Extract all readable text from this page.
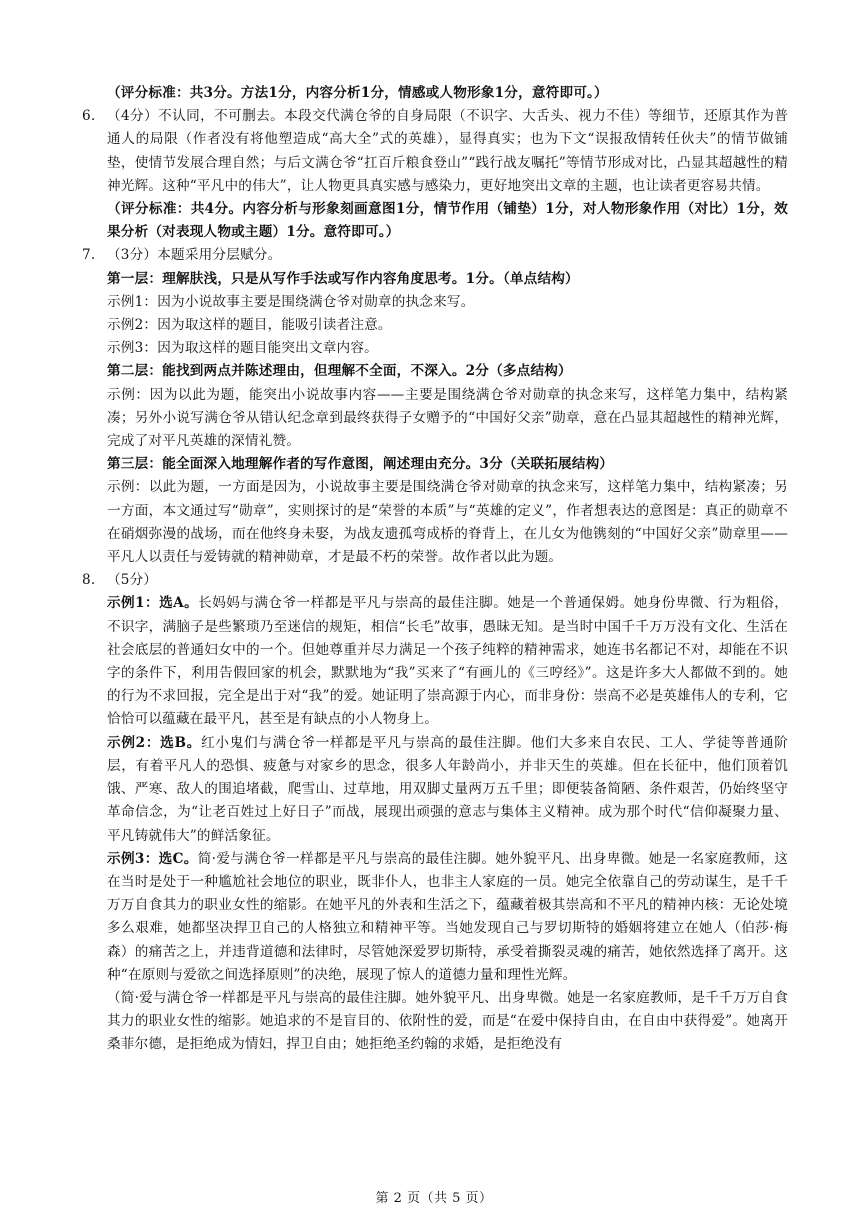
（评分标准：共3分。方法1分，内容分析1分，情感或人物形象1分，意符即可。）

6. （4分）不认同，不可删去。本段交代满仓爷的自身局限（不识字、大舌头、视力不佳）等细节，还原其作为普通人的局限（作者没有将他塑造成“高大全”式的英雄），显得真实；也为下文“误报敌情转任伙夫”的情节做铺垫，使情节发展合理自然；与后文满仓爷“扛百斤粮食登山”“践行战友嘱托”等情节形成对比，凸显其超越性的精神光辉。这种“平凡中的伟大”，让人物更具真实感与感染力，更好地突出文章的主题，也让读者更容易共情。

（评分标准：共4分。内容分析与形象刻画意图1分，情节作用（铺垫）1分，对人物形象作用（对比）1分，效果分析（对表现人物或主题）1分。意符即可。）

7. （3分）本题采用分层赋分。

第一层：理解肤浅，只是从写作手法或写作内容角度思考。1分。（单点结构）

示例1：因为小说故事主要是围绕满仓爷对勋章的执念来写。

示例2：因为取这样的题目，能吸引读者注意。

示例3：因为取这样的题目能突出文章内容。

第二层：能找到两点并陈述理由，但理解不全面，不深入。2分（多点结构）

示例：因为以此为题，能突出小说故事内容——主要是围绕满仓爷对勋章的执念来写，这样笔力集中，结构紧凑；另外小说写满仓爷从错认纪念章到最终获得子女赠予的“中国好父亲”勋章，意在凸显其超越性的精神光辉，完成了对平凡英雄的深情礼赞。

第三层：能全面深入地理解作者的写作意图，阐述理由充分。3分（关联拓展结构）

示例：以此为题，一方面是因为，小说故事主要是围绕满仓爷对勋章的执念来写，这样笔力集中，结构紧凑；另一方面，本文通过写“勋章”，实则探讨的是“荣誉的本质”与“英雄的定义”，作者想表达的意图是：真正的勋章不在硝烟弥漫的战场，而在他终身未娶，为战友遗孤弯成桥的脊背上，在儿女为他镌刻的“中国好父亲”勋章里——平凡人以责任与爱铸就的精神勋章，才是最不朽的荣誉。故作者以此为题。

8. （5分）

示例1：选A。长妈妈与满仓爷一样都是平凡与崇高的最佳注脚。她是一个普通保姆。她身份卑微、行为粗俗，不识字，满脑子是些繁琐乃至迷信的规矩，相信“长毛”故事，愚昧无知。是当时中国千千万万没有文化、生活在社会底层的普通妇女中的一个。但她尊重并尽力满足一个孩子纯粹的精神需求，她连书名都记不对，却能在不识字的条件下，利用告假回家的机会，默默地为“我”买来了“有画儿的《三哼经》”。这是许多大人都做不到的。她的行为不求回报，完全是出于对“我”的爱。她证明了崇高源于内心，而非身份：崇高不必是英雄伟人的专利，它恰恰可以蕴藏在最平凡，甚至是有缺点的小人物身上。

示例2：选B。红小鬼们与满仓爷一样都是平凡与崇高的最佳注脚。他们大多来自农民、工人、学徒等普通阶层，有着平凡人的恐惧、疲惫与对家乡的思念，很多人年龄尚小，并非天生的英雄。但在长征中，他们顶着饥饿、严寒、敌人的围追堵截，爬雪山、过草地，用双脚丈量两万五千里；即便装备简陋、条件艰苦，仍始终坚守革命信念，为“让老百姓过上好日子”而战，展现出顽强的意志与集体主义精神。成为那个时代“信仰凝聚力量、平凡铸就伟大”的鲜活象征。

示例3：选C。简·爱与满仓爷一样都是平凡与崇高的最佳注脚。她外貌平凡、出身卑微。她是一名家庭教师，这在当时是处于一种尴尬社会地位的职业，既非仆人，也非主人家庭的一员。她完全依靠自己的劳动谋生，是千千万万自食其力的职业女性的缩影。在她平凡的外表和生活之下，蕴藏着极其崇高和不平凡的精神内核：无论处境多么艰难，她都坚决捍卫自己的人格独立和精神平等。当她发现自己与罗切斯特的婚姻将建立在她人（伯莎·梅森）的痛苦之上，并违背道德和法律时，尽管她深爱罗切斯特，承受着撕裂灵魂的痛苦，她依然选择了离开。这种“在原则与爱欲之间选择原则”的决绝，展现了惊人的道德力量和理性光辉。

（简·爱与满仓爷一样都是平凡与崇高的最佳注脚。她外貌平凡、出身卑微。她是一名家庭教师，是千千万万自食其力的职业女性的缩影。她追求的不是盲目的、依附性的爱，而是“在爱中保持自由，在自由中获得爱”。她离开桑菲尔德，是拒绝成为情妇，捍卫自由；她拒绝圣约翰的求婚，是拒绝没有

第 2 页（共 5 页）
